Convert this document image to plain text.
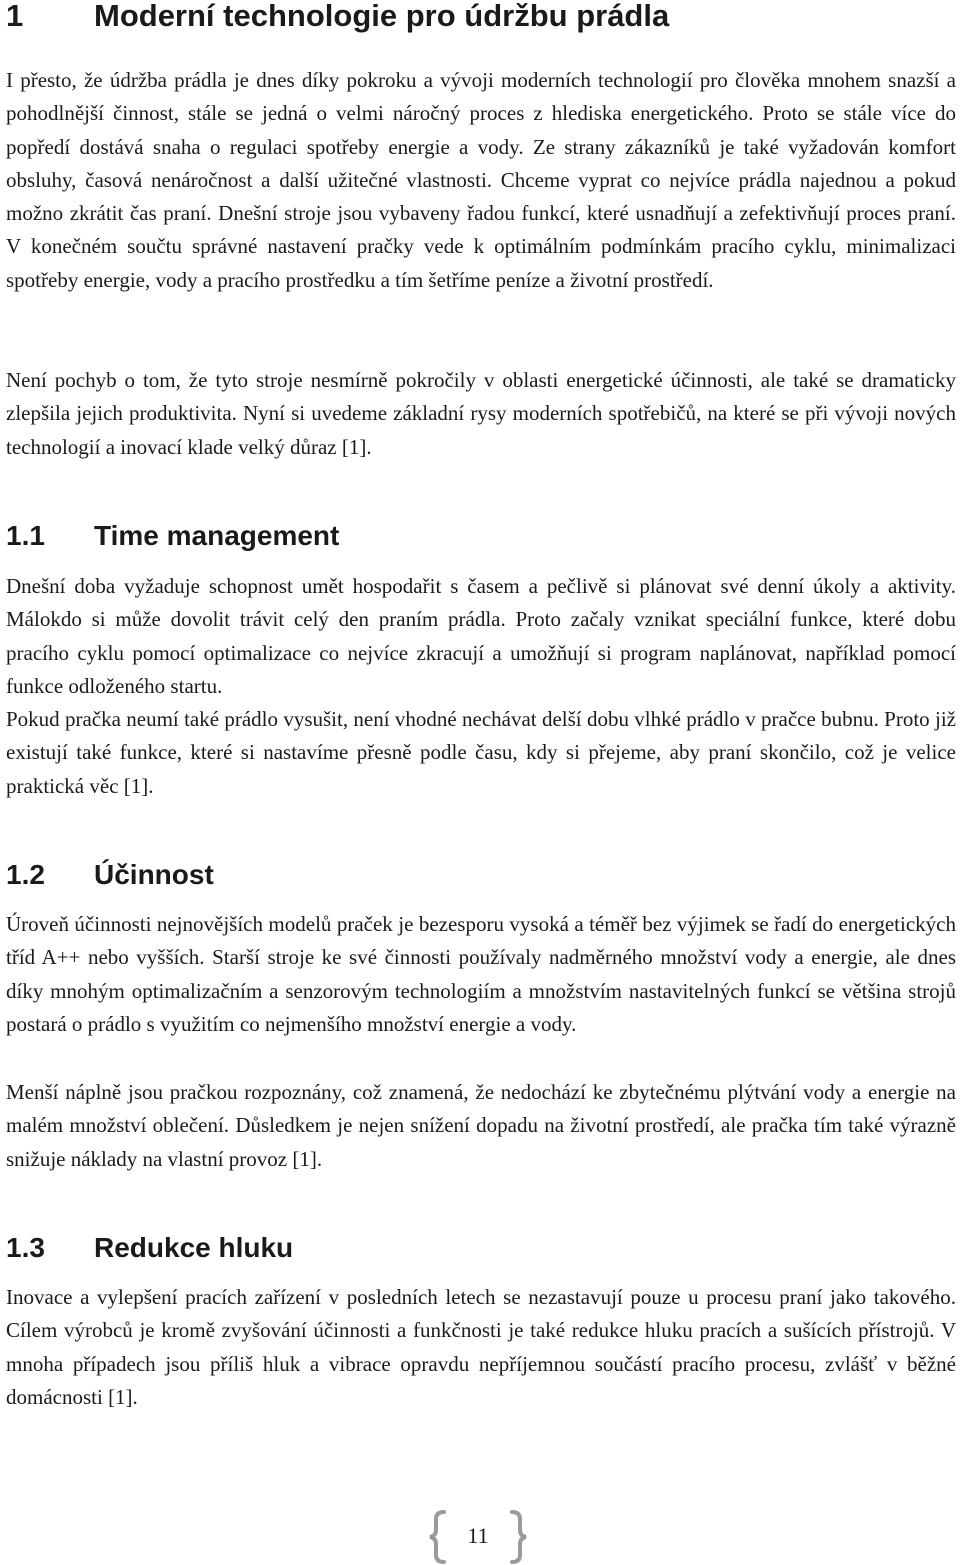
1 Moderní technologie pro údržbu prádla

I přesto, že údržba prádla je dnes díky pokroku a vývoji moderních technologií pro člověka mnohem snazší a pohodlnější činnost, stále se jedná o velmi náročný proces z hlediska energetického. Proto se stále více do popředí dostává snaha o regulaci spotřeby energie a vody. Ze strany zákazníků je také vyžadován komfort obsluhy, časová nenáročnost a další užitečné vlastnosti. Chceme vyprat co nejvíce prádla najednou a pokud možno zkrátit čas praní. Dnešní stroje jsou vybaveny řadou funkcí, které usnadňují a zefektivňují proces praní. V konečném součtu správné nastavení pračky vede k optimálním podmínkám pracího cyklu, minimalizaci spotřeby energie, vody a pracího prostředku a tím šetříme peníze a životní prostředí.

Není pochyb o tom, že tyto stroje nesmírně pokročily v oblasti energetické účinnosti, ale také se dramaticky zlepšila jejich produktivita. Nyní si uvedeme základní rysy moderních spotřebičů, na které se při vývoji nových technologií a inovací klade velký důraz [1].

1.1 Time management

Dnešní doba vyžaduje schopnost umět hospodařit s časem a pečlivě si plánovat své denní úkoly a aktivity. Málokdo si může dovolit trávit celý den praním prádla. Proto začaly vznikat speciální funkce, které dobu pracího cyklu pomocí optimalizace co nejvíce zkracují a umožňují si program naplánovat, například pomocí funkce odloženého startu.

Pokud pračka neumí také prádlo vysušit, není vhodné nechávat delší dobu vlhké prádlo v pračce bubnu. Proto již existují také funkce, které si nastavíme přesně podle času, kdy si přejeme, aby praní skončilo, což je velice praktická věc [1].

1.2 Účinnost

Úroveň účinnosti nejnovějších modelů praček je bezesporu vysoká a téměř bez výjimek se řadí do energetických tříd A++ nebo vyšších. Starší stroje ke své činnosti používaly nadměrného množství vody a energie, ale dnes díky mnohým optimalizačním a senzorovým technologiím a množstvím nastavitelných funkcí se většina strojů postará o prádlo s využitím co nejmenšího množství energie a vody.

Menší náplně jsou pračkou rozpoznány, což znamená, že nedochází ke zbytečnému plýtvání vody a energie na malém množství oblečení. Důsledkem je nejen snížení dopadu na životní prostředí, ale pračka tím také výrazně snižuje náklady na vlastní provoz [1].

1.3 Redukce hluku

Inovace a vylepšení pracích zařízení v posledních letech se nezastavují pouze u procesu praní jako takového. Cílem výrobců je kromě zvyšování účinnosti a funkčnosti je také redukce hluku pracích a sušících přístrojů. V mnoha případech jsou příliš hluk a vibrace opravdu nepříjemnou součástí pracího procesu, zvlášť v běžné domácnosti [1].

11
